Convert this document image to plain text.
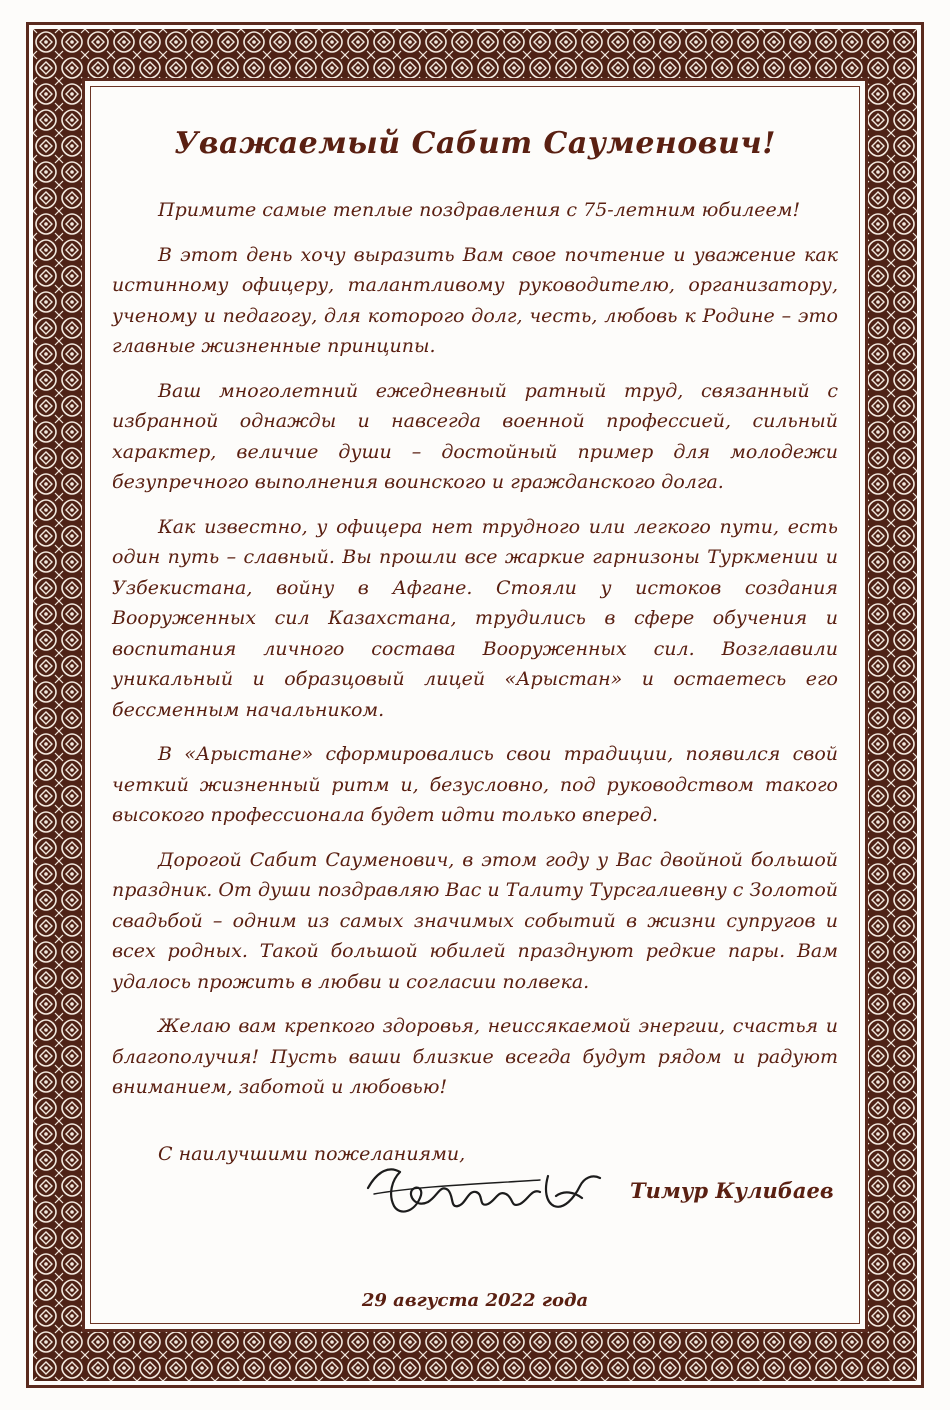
Уважаемый Сабит Сауменович!

Примите самые теплые поздравления с 75-летним юбилеем!

В этот день хочу выразить Вам свое почтение и уважение как истинному офицеру, талантливому руководителю, организатору, ученому и педагогу, для которого долг, честь, любовь к Родине – это главные жизненные принципы.

Ваш многолетний ежедневный ратный труд, связанный с избранной однажды и навсегда военной профессией, сильный характер, величие души – достойный пример для молодежи безупречного выполнения воинского и гражданского долга.

Как известно, у офицера нет трудного или легкого пути, есть один путь – славный. Вы прошли все жаркие гарнизоны Туркмении и Узбекистана, войну в Афгане. Стояли у истоков создания Вооруженных сил Казахстана, трудились в сфере обучения и воспитания личного состава Вооруженных сил. Возглавили уникальный и образцовый лицей «Арыстан» и остаетесь его бессменным начальником.

В «Арыстане» сформировались свои традиции, появился свой четкий жизненный ритм и, безусловно, под руководством такого высокого профессионала будет идти только вперед.

Дорогой Сабит Сауменович, в этом году у Вас двойной большой праздник. От души поздравляю Вас и Талиту Турсгалиевну с Золотой свадьбой – одним из самых значимых событий в жизни супругов и всех родных. Такой большой юбилей празднуют редкие пары. Вам удалось прожить в любви и согласии полвека.

Желаю вам крепкого здоровья, неиссякаемой энергии, счастья и благополучия! Пусть ваши близкие всегда будут рядом и радуют вниманием, заботой и любовью!

С наилучшими пожеланиями,
Тимур Кулибаев
29 августа 2022 года
